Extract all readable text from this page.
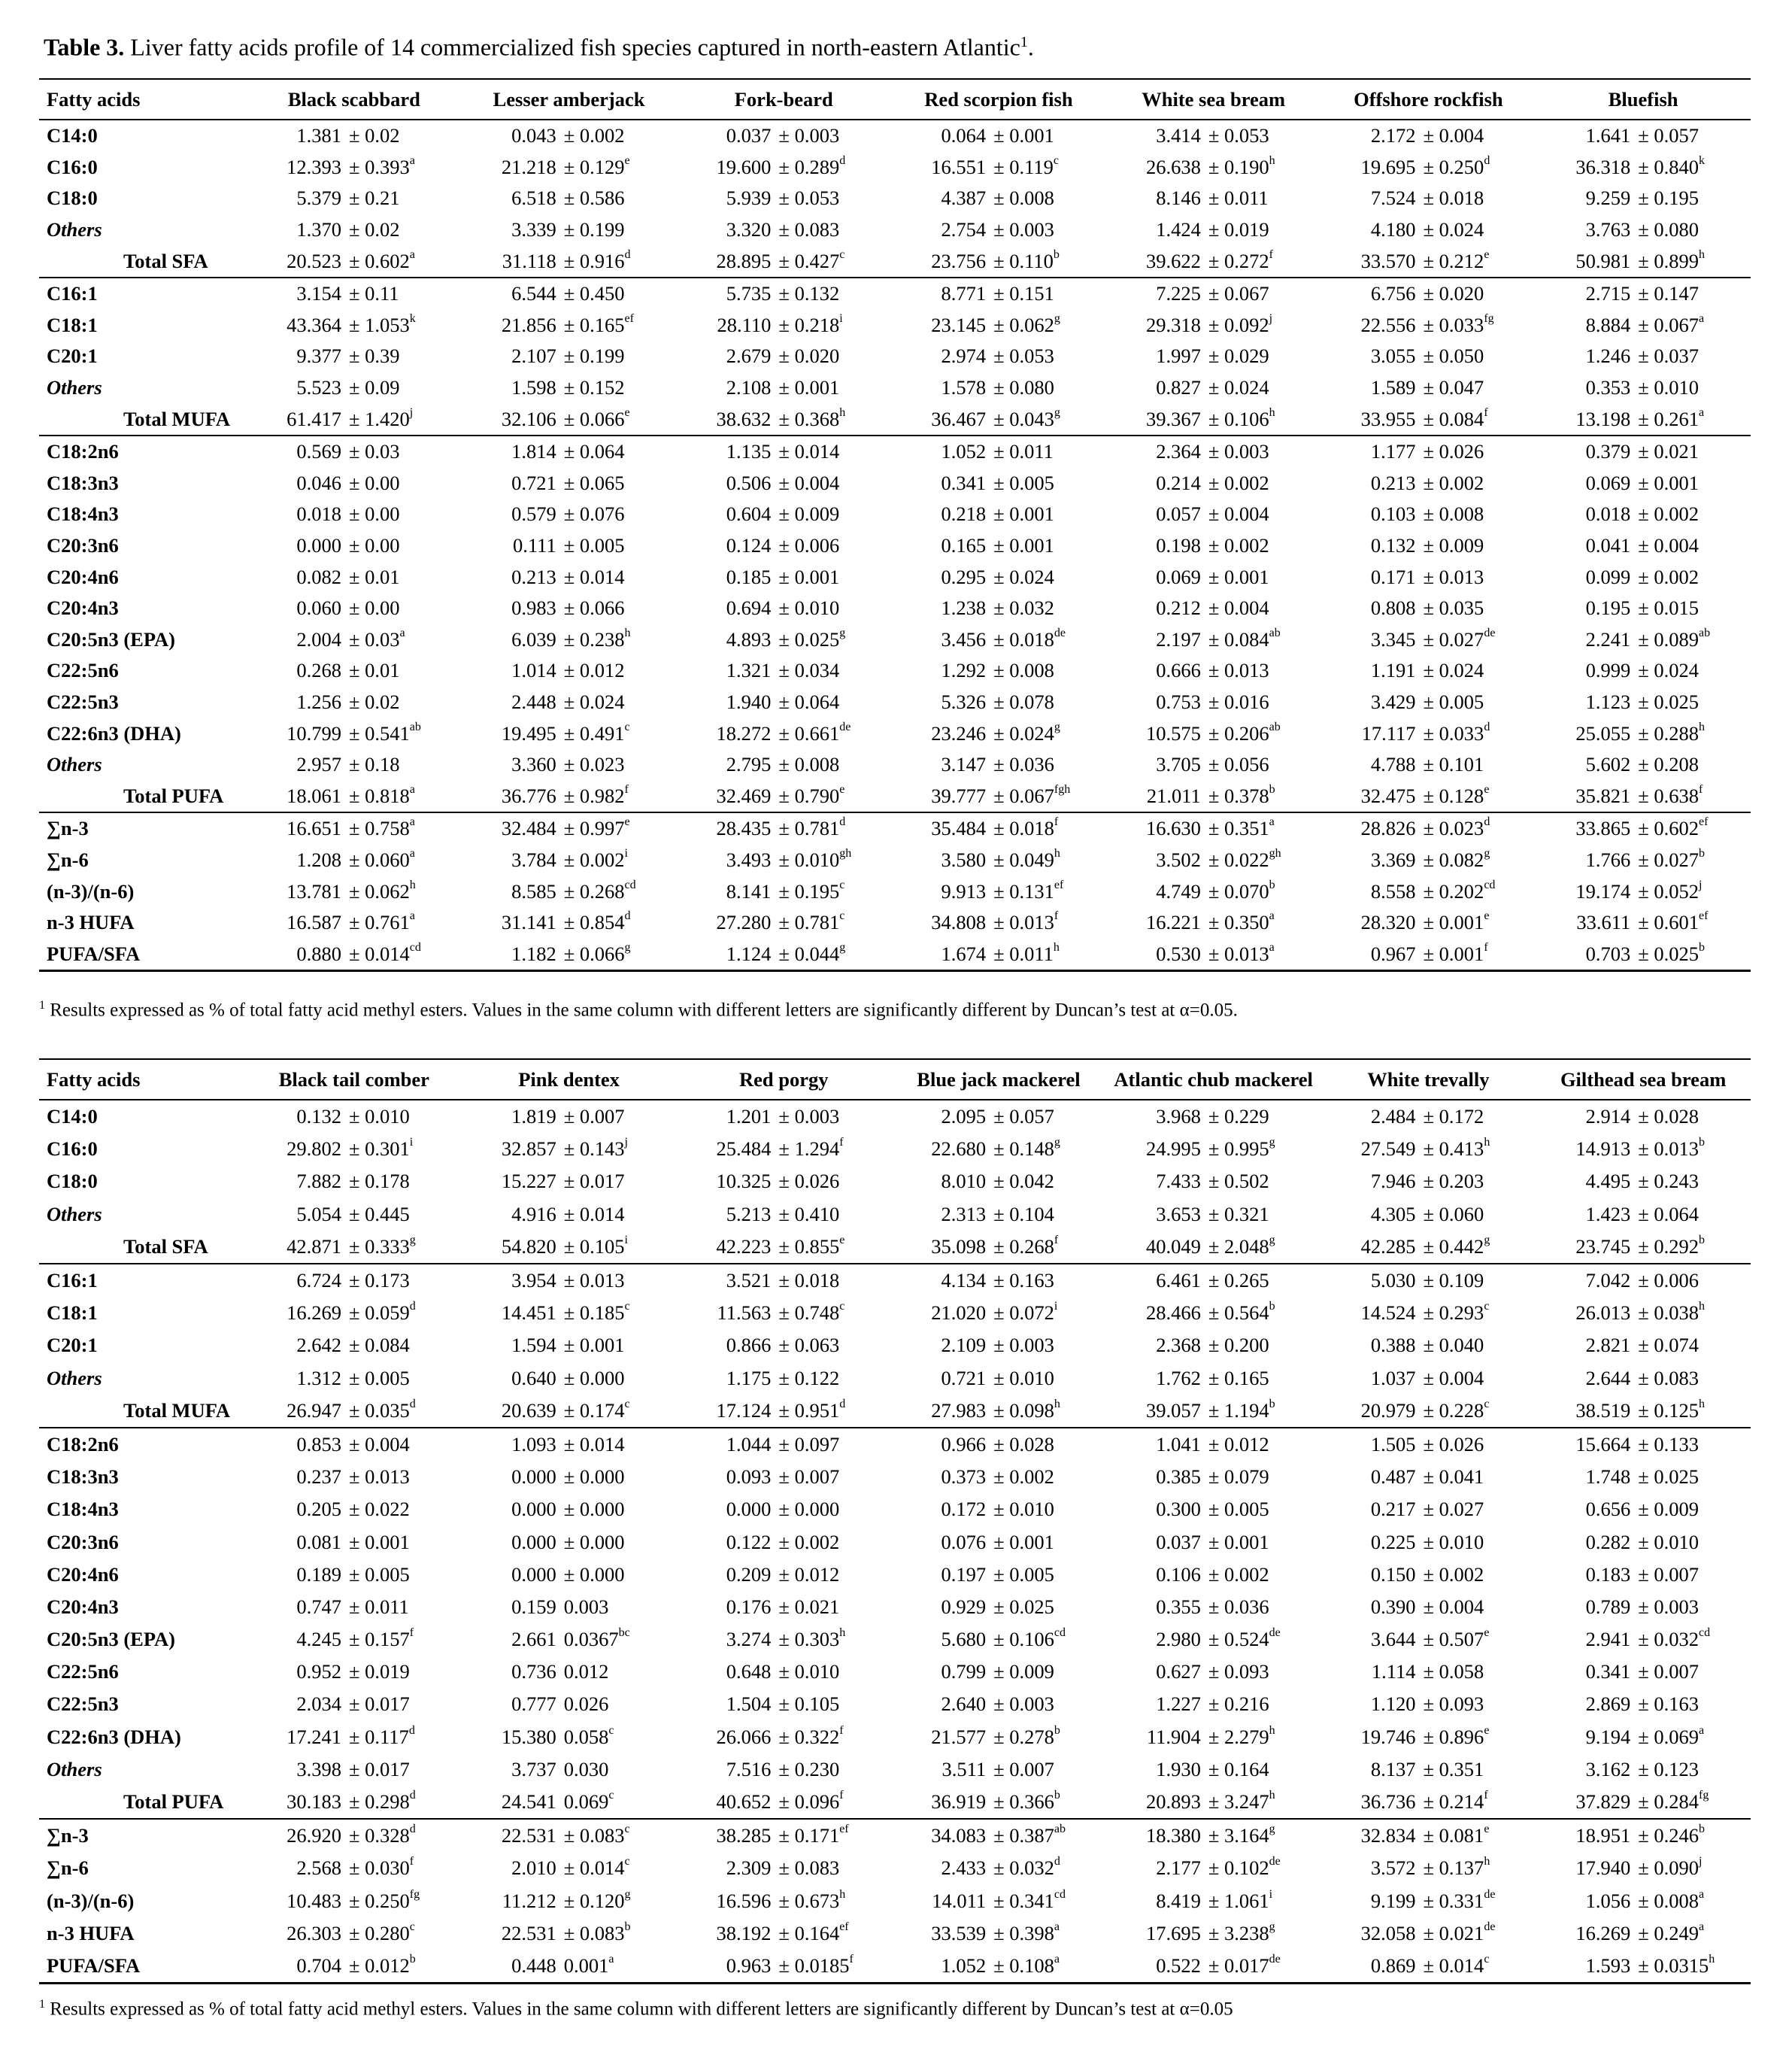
Table 3. Liver fatty acids profile of 14 commercialized fish species captured in north-eastern Atlantic$^1$.
Fatty acids	Black scabbard	Lesser amberjack	Fork-beard	Red scorpion fish	White sea bream	Offshore rockfish	Bluefish
C14:0	1.381 ± 0.02	0.043 ± 0.002	0.037 ± 0.003	0.064 ± 0.001	3.414 ± 0.053	2.172 ± 0.004	1.641 ± 0.057
C16:0	12.393 ± 0.393$^a$	21.218 ± 0.129$^e$	19.600 ± 0.289$^d$	16.551 ± 0.119$^c$	26.638 ± 0.190$^h$	19.695 ± 0.250$^d$	$36.318 \pm 0.840^k$
C18:0	5.379 ± 0.21	6.518 ± 0.586	5.939 ± 0.053	4.387 ± 0.008	8.146 ± 0.011	7.524 ± 0.018	9.259 ± 0.195
Others	1.370 ± 0.02	3.339 ± 0.199	3.320 ± 0.083	2.754 ± 0.003	1.424 ± 0.019	4.180 ± 0.024	3.763 ± 0.080
Total SFA	20.523 ± 0.602$^a$	31.118 ± 0.916$^d$	28.895 ± 0.427$^c$	23.756 ± 0.110$^b$	39.622 ± 0.272$^f$	33.570 ± 0.212$^e$	50.981 ± 0.899$^h$
C16:1	3.154 ± 0.11	6.544 ± 0.450	5.735 ± 0.132	8.771 ± 0.151	7.225 ± 0.067	6.756 ± 0.020	2.715 ± 0.147
C18:1	$43.364 \pm 1.053^k$	21.856 ± 0.165$^{ef}$	$28.110 \pm 0.218^i$	23.145 ± 0.062$^g$	$29.318 \pm 0.092^j$	22.556 ± 0.033$^{fg}$	8.884 ± 0.067$^a$
C20:1	9.377 ± 0.39	2.107 ± 0.199	2.679 ± 0.020	2.974 ± 0.053	1.997 ± 0.029	3.055 ± 0.050	1.246 ± 0.037
Others	5.523 ± 0.09	1.598 ± 0.152	2.108 ± 0.001	1.578 ± 0.080	0.827 ± 0.024	1.589 ± 0.047	0.353 ± 0.010
Total MUFA	$61.417 \pm 1.420^j$	32.106 ± 0.066$^e$	38.632 ± 0.368$^h$	36.467 ± 0.043$^g$	39.367 ± 0.106$^h$	33.955 ± 0.084$^f$	13.198 ± 0.261$^a$
C18:2n6	0.569 ± 0.03	1.814 ± 0.064	1.135 ± 0.014	1.052 ± 0.011	2.364 ± 0.003	1.177 ± 0.026	0.379 ± 0.021
C18:3n3	0.046 ± 0.00	0.721 ± 0.065	0.506 ± 0.004	0.341 ± 0.005	0.214 ± 0.002	0.213 ± 0.002	0.069 ± 0.001
C18:4n3	0.018 ± 0.00	0.579 ± 0.076	0.604 ± 0.009	0.218 ± 0.001	0.057 ± 0.004	0.103 ± 0.008	0.018 ± 0.002
C20:3n6	0.000 ± 0.00	0.111 ± 0.005	0.124 ± 0.006	0.165 ± 0.001	0.198 ± 0.002	0.132 ± 0.009	0.041 ± 0.004
C20:4n6	0.082 ± 0.01	0.213 ± 0.014	0.185 ± 0.001	0.295 ± 0.024	0.069 ± 0.001	0.171 ± 0.013	0.099 ± 0.002
C20:4n3	0.060 ± 0.00	0.983 ± 0.066	0.694 ± 0.010	1.238 ± 0.032	0.212 ± 0.004	0.808 ± 0.035	0.195 ± 0.015
C20:5n3 (EPA)	2.004 ± 0.03$^a$	6.039 ± 0.238$^h$	4.893 ± 0.025$^g$	3.456 ± 0.018de	2.197 ± 0.084$^{ab}$	3.345 ± 0.027de	2.241 ± 0.089$^{ab}$
C22:5n6	0.268 ± 0.01	1.014 ± 0.012	1.321 ± 0.034	1.292 ± 0.008	0.666 ± 0.013	1.191 ± 0.024	0.999 ± 0.024
C22:5n3	1.256 ± 0.02	2.448 ± 0.024	1.940 ± 0.064	5.326 ± 0.078	0.753 ± 0.016	3.429 ± 0.005	1.123 ± 0.025
C22:6n3 (DHA)	10.799 ± 0.541$^{ab}$	19.495 ± 0.491$^c$	18.272 ± 0.661de	23.246 ± 0.024$^g$	10.575 ± 0.206$^{ab}$	17.117 ± 0.033$^d$	25.055 ± 0.288$^h$
Others	2.957 ± 0.18	3.360 ± 0.023	2.795 ± 0.008	3.147 ± 0.036	3.705 ± 0.056	4.788 ± 0.101	5.602 ± 0.208
Total PUFA	18.061 ± 0.818$^a$	36.776 ± 0.982$^f$	32.469 ± 0.790$^e$	39.777 ± 0.067$^{fgh}$	21.011 ± 0.378$^b$	32.475 ± 0.128$^e$	35.821 ± 0.638$^f$
∑n-3	16.651 ± 0.758$^a$	32.484 ± 0.997$^e$	28.435 ± 0.781$^d$	35.484 ± 0.018$^f$	16.630 ± 0.351$^a$	28.826 ± 0.023$^d$	33.865 ± 0.602$^{ef}$
∑n-6	1.208 ± 0.060$^a$	$3.784 \pm 0.002^i$	3.493 ± 0.010$^{gh}$	3.580 ± 0.049$^h$	3.502 ± 0.022$^{gh}$	3.369 ± 0.082$^g$	1.766 ± 0.027$^b$
(n-3)/(n-6)	13.781 ± 0.062$^h$	8.585 ± 0.268$^{cd}$	8.141 ± 0.195$^c$	9.913 ± 0.131$^{ef}$	4.749 ± 0.070$^b$	8.558 ± 0.202$^{cd}$	$19.174 \pm 0.052^j$
n-3 HUFA	16.587 ± 0.761$^a$	31.141 ± 0.854$^d$	27.280 ± 0.781$^c$	34.808 ± 0.013$^f$	16.221 ± 0.350$^a$	28.320 ± 0.001$^e$	33.611 ± 0.601$^{ef}$
PUFA/SFA	0.880 ± 0.014$^{cd}$	1.182 ± 0.066$^g$	1.124 ± 0.044$^g$	1.674 ± 0.011$^h$	0.530 ± 0.013$^a$	0.967 ± 0.001$^f$	0.703 ± 0.025$^b$
$^1$ Results expressed as % of total fatty acid methyl esters. Values in the same column with different letters are significantly different by Duncan’s test at α=0.05.
Fatty acids	Black tail comber	Pink dentex	Red porgy	Blue jack mackerel	Atlantic chub mackerel	White trevally	Gilthead sea bream
C14:0	0.132 ± 0.010	1.819 ± 0.007	1.201 ± 0.003	2.095 ± 0.057	3.968 ± 0.229	2.484 ± 0.172	2.914 ± 0.028
C16:0	$29.802 \pm 0.301^i$	$32.857 \pm 0.143^j$	25.484 ± 1.294$^f$	22.680 ± 0.148$^g$	24.995 ± 0.995$^g$	27.549 ± 0.413$^h$	14.913 ± 0.013$^b$
C18:0	7.882 ± 0.178	15.227 ± 0.017	10.325 ± 0.026	8.010 ± 0.042	7.433 ± 0.502	7.946 ± 0.203	4.495 ± 0.243
Others	5.054 ± 0.445	4.916 ± 0.014	5.213 ± 0.410	2.313 ± 0.104	3.653 ± 0.321	4.305 ± 0.060	1.423 ± 0.064
Total SFA	42.871 ± 0.333$^g$	$54.820 \pm 0.105^i$	42.223 ± 0.855$^e$	35.098 ± 0.268$^f$	40.049 ± 2.048$^g$	42.285 ± 0.442$^g$	23.745 ± 0.292$^b$
C16:1	6.724 ± 0.173	3.954 ± 0.013	3.521 ± 0.018	4.134 ± 0.163	6.461 ± 0.265	5.030 ± 0.109	7.042 ± 0.006
C18:1	16.269 ± 0.059$^d$	14.451 ± 0.185$^c$	11.563 ± 0.748$^c$	$21.020 \pm 0.072^i$	28.466 ± 0.564$^b$	14.524 ± 0.293$^c$	26.013 ± 0.038$^h$
C20:1	2.642 ± 0.084	1.594 ± 0.001	0.866 ± 0.063	2.109 ± 0.003	2.368 ± 0.200	0.388 ± 0.040	2.821 ± 0.074
Others	1.312 ± 0.005	0.640 ± 0.000	1.175 ± 0.122	0.721 ± 0.010	1.762 ± 0.165	1.037 ± 0.004	2.644 ± 0.083
Total MUFA	26.947 ± 0.035$^d$	20.639 ± 0.174$^c$	17.124 ± 0.951$^d$	27.983 ± 0.098$^h$	39.057 ± 1.194$^b$	20.979 ± 0.228$^c$	38.519 ± 0.125$^h$
C18:2n6	0.853 ± 0.004	1.093 ± 0.014	1.044 ± 0.097	0.966 ± 0.028	1.041 ± 0.012	1.505 ± 0.026	15.664 ± 0.133
C18:3n3	0.237 ± 0.013	0.000 ± 0.000	0.093 ± 0.007	0.373 ± 0.002	0.385 ± 0.079	0.487 ± 0.041	1.748 ± 0.025
C18:4n3	0.205 ± 0.022	0.000 ± 0.000	0.000 ± 0.000	0.172 ± 0.010	0.300 ± 0.005	0.217 ± 0.027	0.656 ± 0.009
C20:3n6	0.081 ± 0.001	0.000 ± 0.000	0.122 ± 0.002	0.076 ± 0.001	0.037 ± 0.001	0.225 ± 0.010	0.282 ± 0.010
C20:4n6	0.189 ± 0.005	0.000 ± 0.000	0.209 ± 0.012	0.197 ± 0.005	0.106 ± 0.002	0.150 ± 0.002	0.183 ± 0.007
C20:4n3	0.747 ± 0.011	0.159 0.003	0.176 ± 0.021	0.929 ± 0.025	0.355 ± 0.036	0.390 ± 0.004	0.789 ± 0.003
C20:5n3 (EPA)	4.245 ± 0.157$^f$	2.661 0.0367$^{bc}$	3.274 ± 0.303$^h$	5.680 ± 0.106$^{cd}$	2.980 ± 0.524de	3.644 ± 0.507$^e$	2.941 ± 0.032$^{cd}$
C22:5n6	0.952 ± 0.019	0.736 0.012	0.648 ± 0.010	0.799 ± 0.009	0.627 ± 0.093	1.114 ± 0.058	0.341 ± 0.007
C22:5n3	2.034 ± 0.017	0.777 0.026	1.504 ± 0.105	2.640 ± 0.003	1.227 ± 0.216	1.120 ± 0.093	2.869 ± 0.163
C22:6n3 (DHA)	17.241 ± 0.117$^d$	15.380 0.058$^c$	26.066 ± 0.322$^f$	21.577 ± 0.278$^b$	11.904 ± 2.279$^h$	19.746 ± 0.896$^e$	9.194 ± 0.069$^a$
Others	3.398 ± 0.017	3.737 0.030	7.516 ± 0.230	3.511 ± 0.007	1.930 ± 0.164	8.137 ± 0.351	3.162 ± 0.123
Total PUFA	30.183 ± 0.298$^d$	24.541 0.069$^c$	40.652 ± 0.096$^f$	36.919 ± 0.366$^b$	20.893 ± 3.247$^h$	36.736 ± 0.214$^f$	37.829 ± 0.284$^{fg}$
∑n-3	26.920 ± 0.328$^d$	22.531 ± 0.083$^c$	38.285 ± 0.171$^{ef}$	34.083 ± 0.387$^{ab}$	18.380 ± 3.164$^g$	32.834 ± 0.081$^e$	18.951 ± 0.246$^b$
∑n-6	2.568 ± 0.030$^f$	2.010 ± 0.014$^c$	2.309 ± 0.083	2.433 ± 0.032$^d$	2.177 ± 0.102de	3.572 ± 0.137$^h$	$17.940 \pm 0.090^j$
(n-3)/(n-6)	10.483 ± 0.250$^{fg}$	11.212 ± 0.120$^g$	16.596 ± 0.673$^h$	14.011 ± 0.341$^{cd}$	$8.419 \pm 1.061^i$	9.199 ± 0.331de	1.056 ± 0.008$^a$
n-3 HUFA	26.303 ± 0.280$^c$	22.531 ± 0.083$^b$	38.192 ± 0.164$^{ef}$	33.539 ± 0.398$^a$	17.695 ± 3.238$^g$	32.058 ± 0.021de	16.269 ± 0.249$^a$
PUFA/SFA	0.704 ± 0.012$^b$	0.448 0.001$^a$	0.963 ± 0.0185$^f$	1.052 ± 0.108$^a$	0.522 ± 0.017de	0.869 ± 0.014$^c$	1.593 ± 0.0315$^h$
$^1$ Results expressed as % of total fatty acid methyl esters. Values in the same column with different letters are significantly different by Duncan’s test at α=0.05
